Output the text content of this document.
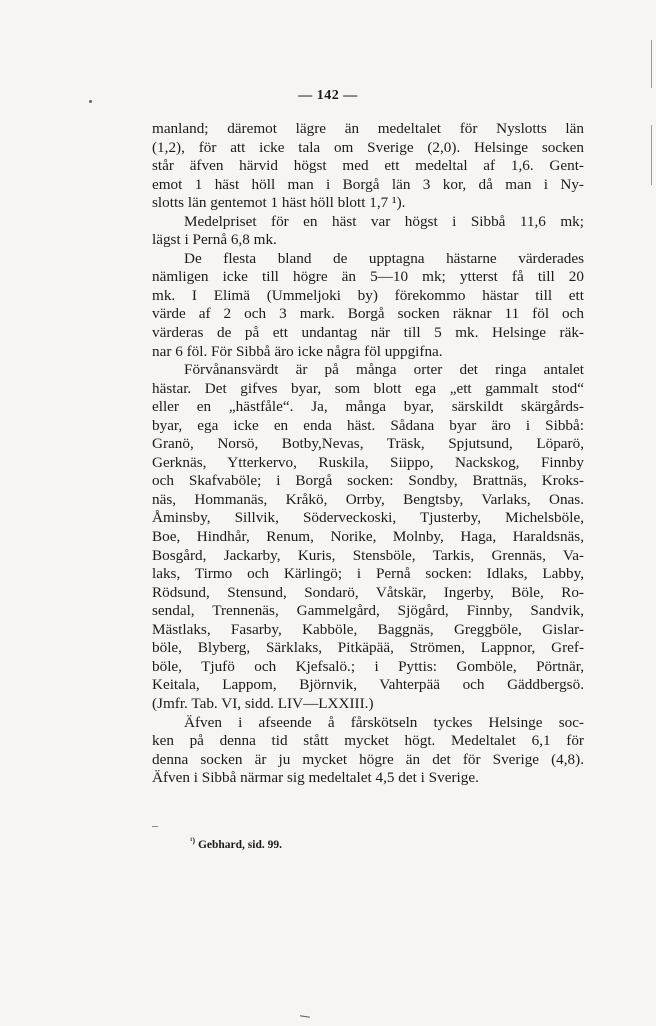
— 142 —
manland; däremot lägre än medeltalet för Nyslotts län
(1,2), för att icke tala om Sverige (2,0). Helsinge socken
står äfven härvid högst med ett medeltal af 1,6. Gent-
emot 1 häst höll man i Borgå län 3 kor, då man i Ny-
slotts län gentemot 1 häst höll blott 1,7 ¹).
Medelpriset för en häst var högst i Sibbå 11,6 mk;
lägst i Pernå 6,8 mk.
De flesta bland de upptagna hästarne värderades
nämligen icke till högre än 5—10 mk; ytterst få till 20
mk. I Elimä (Ummeljoki by) förekommo hästar till ett
värde af 2 och 3 mark. Borgå socken räknar 11 föl och
värderas de på ett undantag när till 5 mk. Helsinge räk-
nar 6 föl. För Sibbå äro icke några föl uppgifna.
Förvånansvärdt är på många orter det ringa antalet
hästar. Det gifves byar, som blott ega „ett gammalt stod“
eller en „hästfåle“. Ja, många byar, särskildt skärgårds-
byar, ega icke en enda häst. Sådana byar äro i Sibbå:
Granö, Norsö, Botby,Nevas, Träsk, Spjutsund, Löparö,
Gerknäs, Ytterkervo, Ruskila, Siippo, Nackskog, Finnby
och Skafvaböle; i Borgå socken: Sondby, Brattnäs, Kroks-
näs, Hommanäs, Kråkö, Orrby, Bengtsby, Varlaks, Onas.
Åminsby, Sillvik, Söderveckoski, Tjusterby, Michelsböle,
Boe, Hindhår, Renum, Norike, Molnby, Haga, Haraldsnäs,
Bosgård, Jackarby, Kuris, Stensböle, Tarkis, Grennäs, Va-
laks, Tirmo och Kärlingö; i Pernå socken: Idlaks, Labby,
Rödsund, Stensund, Sondarö, Våtskär, Ingerby, Böle, Ro-
sendal, Trennenäs, Gammelgård, Sjögård, Finnby, Sandvik,
Mästlaks, Fasarby, Kabböle, Baggnäs, Greggböle, Gislar-
böle, Blyberg, Särklaks, Pitkäpää, Strömen, Lappnor, Gref-
böle, Tjufö och Kjefsalö.; i Pyttis: Gomböle, Pörtnär,
Keitala, Lappom, Björnvik, Vahterpää och Gäddbergsö.
(Jmfr. Tab. VI, sidd. LIV—LXXIII.)
Äfven i afseende å fårskötseln tyckes Helsinge soc-
ken på denna tid stått mycket högt. Medeltalet 6,1 för
denna socken är ju mycket högre än det för Sverige (4,8).
Äfven i Sibbå närmar sig medeltalet 4,5 det i Sverige.
$^{^1)}$ Gebhard, sid. 99.
